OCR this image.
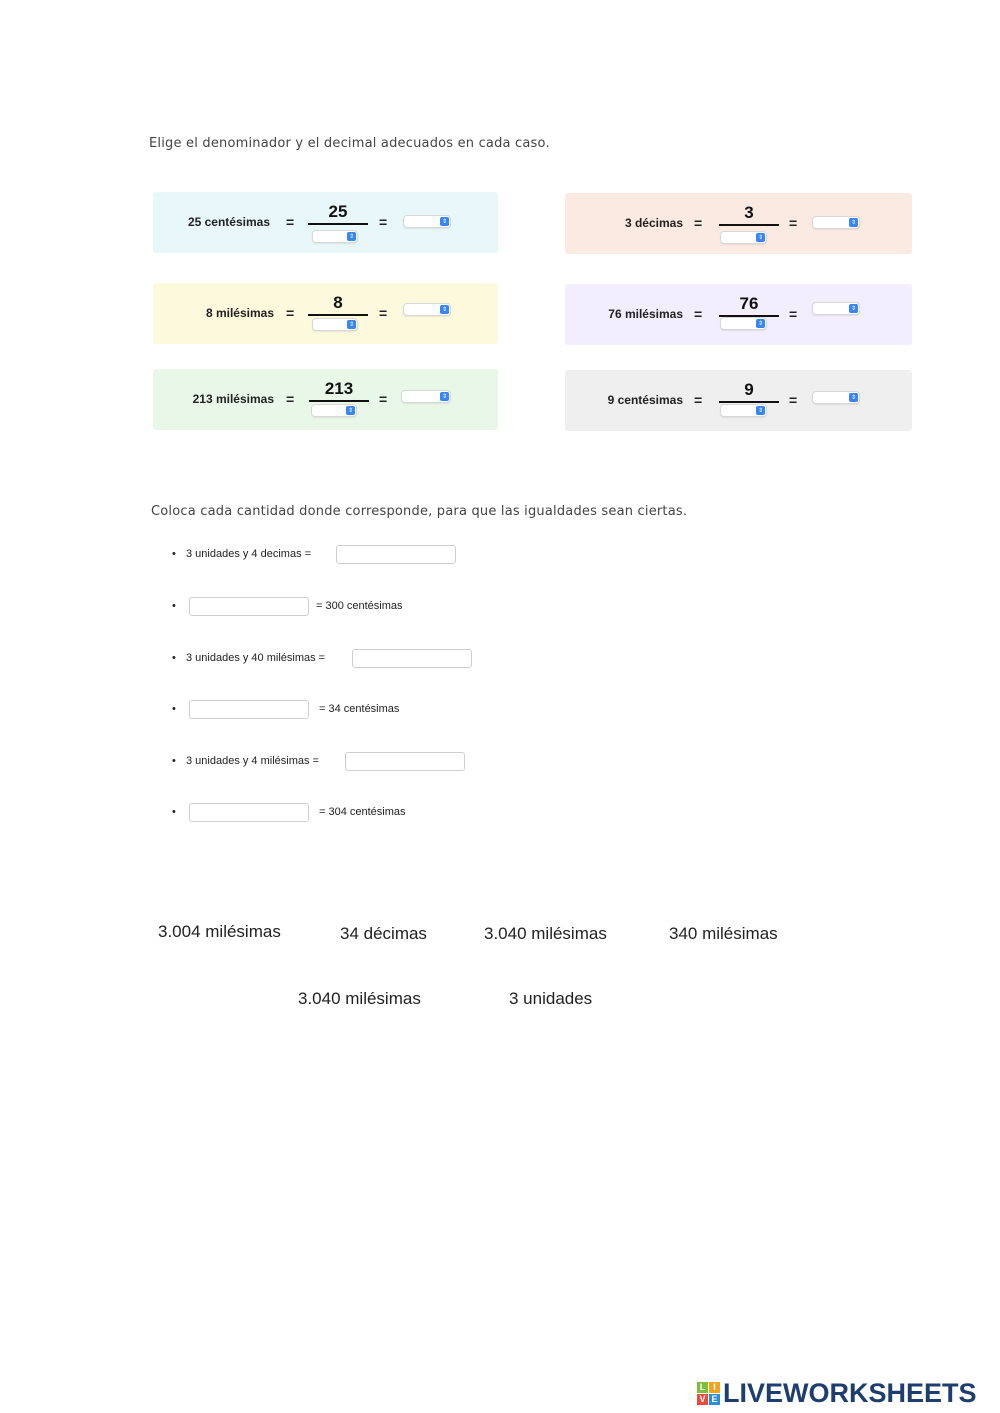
Elige el denominador y el decimal adecuados en cada caso.
25 centésimas =
25
⇕
=	⇕	3 décimas =
3
⇕
=	⇕
8 milésimas =
8
⇕
=	⇕	76 milésimas =
76
⇕
=	⇕
213 milésimas =
213
⇕
=	⇕	9 centésimas =
9
⇕
=	⇕
Coloca cada cantidad donde corresponde, para que las igualdades sean ciertas.
• 3 unidades y 4 decimas =
•	= 300 centésimas
• 3 unidades y 40 milésimas =
•	= 34 centésimas
• 3 unidades y 4 milésimas =
•	= 304 centésimas
3.004 milésimas	34 décimas	3.040 milésimas	340 milésimas
3.040 milésimas	3 unidades
L I
V E LIVEWORKSHEETS
